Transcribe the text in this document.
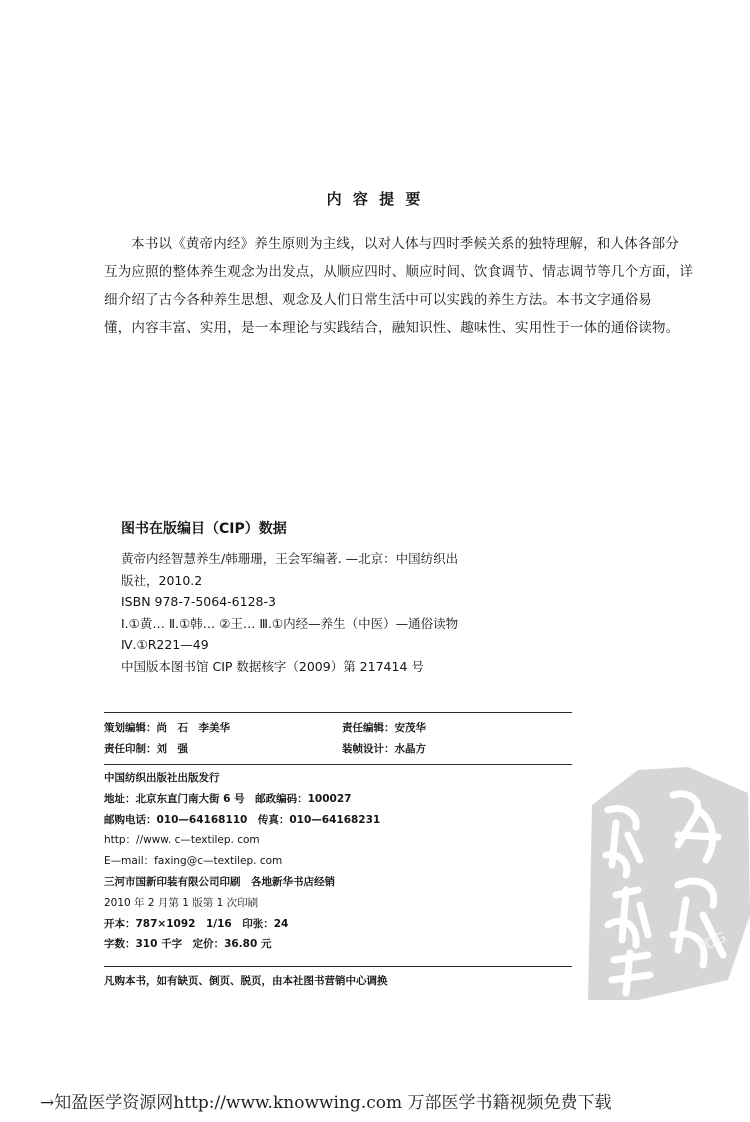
内 容 提 要
本书以《黄帝内经》养生原则为主线，以对人体与四时季候关系的独特理解，和人体各部分
互为应照的整体养生观念为出发点，从顺应四时、顺应时间、饮食调节、情志调节等几个方面，详
细介绍了古今各种养生思想、观念及人们日常生活中可以实践的养生方法。本书文字通俗易
懂，内容丰富、实用，是一本理论与实践结合，融知识性、趣味性、实用性于一体的通俗读物。
图书在版编目（CIP）数据
黄帝内经智慧养生/韩珊珊，王会军编著. —北京：中国纺织出
版社，2010.2
ISBN 978-7-5064-6128-3
Ⅰ.①黄… Ⅱ.①韩… ②王… Ⅲ.①内经—养生（中医）—通俗读物
Ⅳ.①R221—49
中国版本图书馆 CIP 数据核字（2009）第 217414 号
策划编辑：尚　石　李美华	责任编辑：安茂华
责任印制：刘　强	装帧设计：水晶方
中国纺织出版社出版发行
地址：北京东直门南大街 6 号　邮政编码：100027
邮购电话：010—64168110　传真：010—64168231
http：//www. c—textilep. com
E—mail：faxing@c—textilep. com
三河市国新印装有限公司印刷　各地新华书店经销
2010 年 2 月第 1 版第 1 次印刷
开本：787×1092　1/16　印张：24
字数：310 千字　定价：36.80 元
凡购本书，如有缺页、倒页、脱页，由本社图书营销中心调换
PDG
→知盈医学资源网http://www.knowwing.com 万部医学书籍视频免费下载
